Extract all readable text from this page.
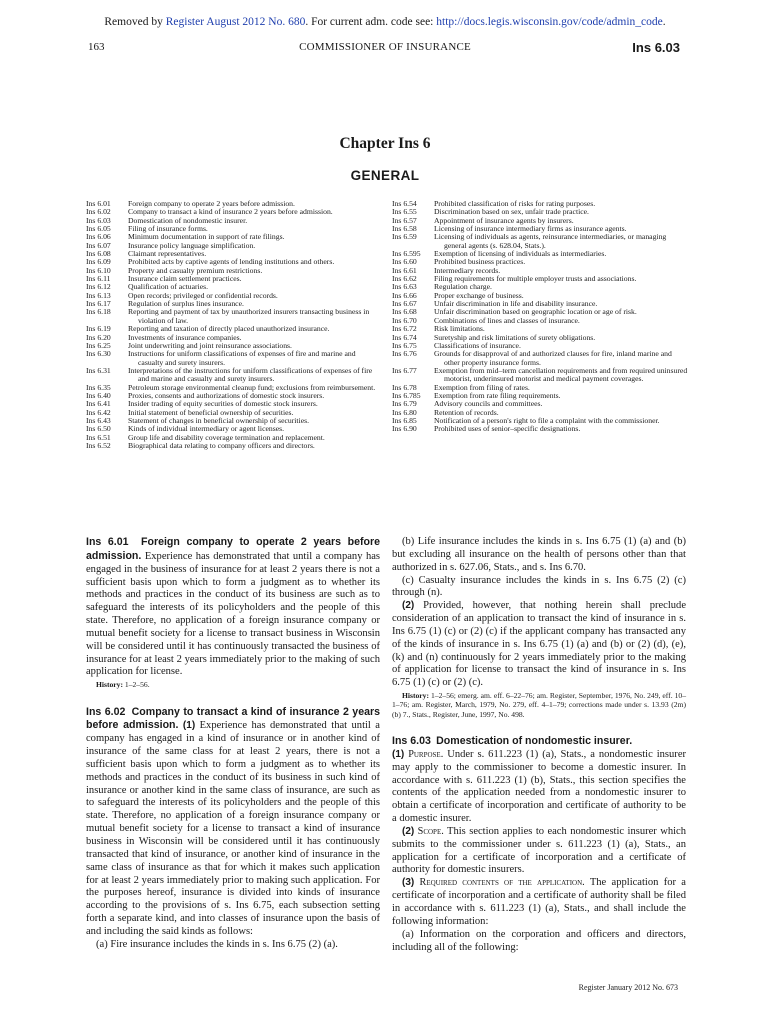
Removed by Register August 2012 No. 680. For current adm. code see: http://docs.legis.wisconsin.gov/code/admin_code.
163	COMMISSIONER OF INSURANCE	Ins 6.03
Chapter Ins 6
GENERAL
Ins 6.01	Foreign company to operate 2 years before admission.
Ins 6.02	Company to transact a kind of insurance 2 years before admission.
Ins 6.03	Domestication of nondomestic insurer.
Ins 6.05	Filing of insurance forms.
Ins 6.06	Minimum documentation in support of rate filings.
Ins 6.07	Insurance policy language simplification.
Ins 6.08	Claimant representatives.
Ins 6.09	Prohibited acts by captive agents of lending institutions and others.
Ins 6.10	Property and casualty premium restrictions.
Ins 6.11	Insurance claim settlement practices.
Ins 6.12	Qualification of actuaries.
Ins 6.13	Open records; privileged or confidential records.
Ins 6.17	Regulation of surplus lines insurance.
Ins 6.18	Reporting and payment of tax by unauthorized insurers transacting business in violation of law.
Ins 6.19	Reporting and taxation of directly placed unauthorized insurance.
Ins 6.20	Investments of insurance companies.
Ins 6.25	Joint underwriting and joint reinsurance associations.
Ins 6.30	Instructions for uniform classifications of expenses of fire and marine and casualty and surety insurers.
Ins 6.31	Interpretations of the instructions for uniform classifications of expenses of fire and marine and casualty and surety insurers.
Ins 6.35	Petroleum storage environmental cleanup fund; exclusions from reimbursement.
Ins 6.40	Proxies, consents and authorizations of domestic stock insurers.
Ins 6.41	Insider trading of equity securities of domestic stock insurers.
Ins 6.42	Initial statement of beneficial ownership of securities.
Ins 6.43	Statement of changes in beneficial ownership of securities.
Ins 6.50	Kinds of individual intermediary or agent licenses.
Ins 6.51	Group life and disability coverage termination and replacement.
Ins 6.52	Biographical data relating to company officers and directors.
Ins 6.54	Prohibited classification of risks for rating purposes.
Ins 6.55	Discrimination based on sex, unfair trade practice.
Ins 6.57	Appointment of insurance agents by insurers.
Ins 6.58	Licensing of insurance intermediary firms as insurance agents.
Ins 6.59	Licensing of individuals as agents, reinsurance intermediaries, or managing general agents (s. 628.04, Stats.).
Ins 6.595	Exemption of licensing of individuals as intermediaries.
Ins 6.60	Prohibited business practices.
Ins 6.61	Intermediary records.
Ins 6.62	Filing requirements for multiple employer trusts and associations.
Ins 6.63	Regulation charge.
Ins 6.66	Proper exchange of business.
Ins 6.67	Unfair discrimination in life and disability insurance.
Ins 6.68	Unfair discrimination based on geographic location or age of risk.
Ins 6.70	Combinations of lines and classes of insurance.
Ins 6.72	Risk limitations.
Ins 6.74	Suretyship and risk limitations of surety obligations.
Ins 6.75	Classifications of insurance.
Ins 6.76	Grounds for disapproval of and authorized clauses for fire, inland marine and other property insurance forms.
Ins 6.77	Exemption from mid–term cancellation requirements and from required uninsured motorist, underinsured motorist and medical payment coverages.
Ins 6.78	Exemption from filing of rates.
Ins 6.785	Exemption from rate filing requirements.
Ins 6.79	Advisory councils and committees.
Ins 6.80	Retention of records.
Ins 6.85	Notification of a person's right to file a complaint with the commissioner.
Ins 6.90	Prohibited uses of senior–specific designations.

Ins 6.01 Foreign company to operate 2 years before admission. Experience has demonstrated that until a company has engaged in the business of insurance for at least 2 years there is not a sufficient basis upon which to form a judgment as to whether its methods and practices in the conduct of its business are such as to safeguard the interests of its policyholders and the people of this state. Therefore, no application of a foreign insurance company or mutual benefit society for a license to transact business in Wisconsin will be considered until it has continuously transacted the business of insurance for at least 2 years immediately prior to the making of such application for license.

History: 1–2–56.

Ins 6.02 Company to transact a kind of insurance 2 years before admission. (1) Experience has demonstrated that until a company has engaged in a kind of insurance or in another kind of insurance of the same class for at least 2 years, there is not a sufficient basis upon which to form a judgment as to whether its methods and practices in the conduct of its business in such kind of insurance or another kind in the same class of insurance, are such as to safeguard the interests of its policyholders and the people of this state. Therefore, no application of a foreign insurance company or mutual benefit society for a license to transact a kind of insurance business in Wisconsin will be considered until it has continuously transacted that kind of insurance, or another kind of insurance in the same class of insurance as that for which it makes such application for at least 2 years immediately prior to making such application. For the purposes hereof, insurance is divided into kinds of insurance according to the provisions of s. Ins 6.75, each subsection setting forth a separate kind, and into classes of insurance upon the basis of and including the said kinds as follows:

(a) Fire insurance includes the kinds in s. Ins 6.75 (2) (a).

(b) Life insurance includes the kinds in s. Ins 6.75 (1) (a) and (b) but excluding all insurance on the health of persons other than that authorized in s. 627.06, Stats., and s. Ins 6.70.

(c) Casualty insurance includes the kinds in s. Ins 6.75 (2) (c) through (n).

(2) Provided, however, that nothing herein shall preclude consideration of an application to transact the kind of insurance in s. Ins 6.75 (1) (c) or (2) (c) if the applicant company has transacted any of the kinds of insurance in s. Ins 6.75 (1) (a) and (b) or (2) (d), (e), (k) and (n) continuously for 2 years immediately prior to the making of application for license to transact the kind of insurance in s. Ins 6.75 (1) (c) or (2) (c).

History: 1–2–56; emerg. am. eff. 6–22–76; am. Register, September, 1976, No. 249, eff. 10–1–76; am. Register, March, 1979, No. 279, eff. 4–1–79; corrections made under s. 13.93 (2m) (b) 7., Stats., Register, June, 1997, No. 498.

Ins 6.03 Domestication of nondomestic insurer.

(1) Purpose. Under s. 611.223 (1) (a), Stats., a nondomestic insurer may apply to the commissioner to become a domestic insurer. In accordance with s. 611.223 (1) (b), Stats., this section specifies the contents of the application needed from a nondomestic insurer to obtain a certificate of incorporation and certificate of authority to be a domestic insurer.

(2) Scope. This section applies to each nondomestic insurer which submits to the commissioner under s. 611.223 (1) (a), Stats., an application for a certificate of incorporation and a certificate of authority for domestic insurers.

(3) Required contents of the application. The application for a certificate of incorporation and a certificate of authority shall be filed in accordance with s. 611.223 (1) (a), Stats., and shall include the following information:

(a) Information on the corporation and officers and directors, including all of the following:

Register January 2012 No. 673
